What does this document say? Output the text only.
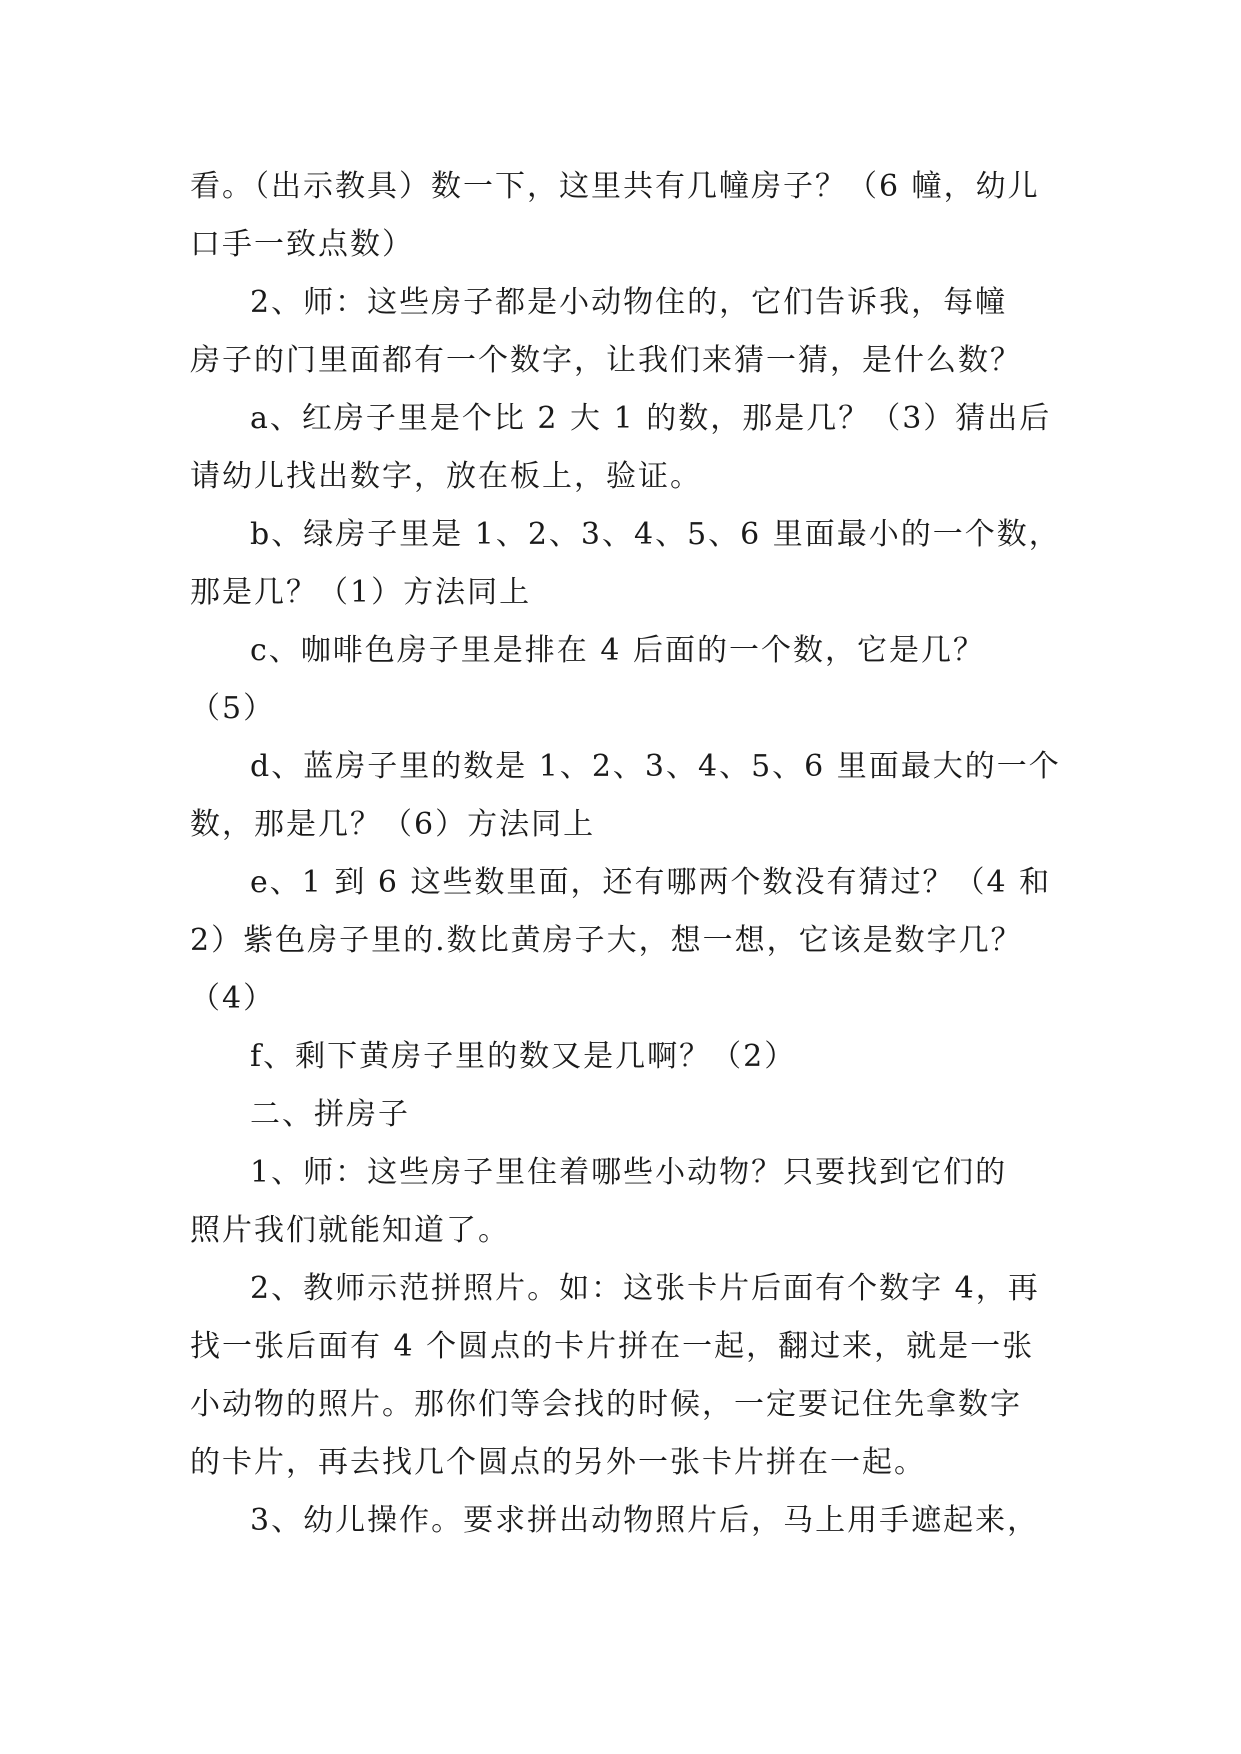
看。（出示教具）数一下，这里共有几幢房子？（6 幢，幼儿

口手一致点数）

2、师：这些房子都是小动物住的，它们告诉我，每幢

房子的门里面都有一个数字，让我们来猜一猜，是什么数？

a、红房子里是个比 2 大 1 的数，那是几？（3）猜出后

请幼儿找出数字，放在板上，验证。

b、绿房子里是 1、2、3、4、5、6 里面最小的一个数，

那是几？（1）方法同上

c、咖啡色房子里是排在 4 后面的一个数，它是几？

（5）

d、蓝房子里的数是 1、2、3、4、5、6 里面最大的一个

数，那是几？（6）方法同上

e、1 到 6 这些数里面，还有哪两个数没有猜过？（4 和

2）紫色房子里的.数比黄房子大，想一想，它该是数字几？

（4）

f、剩下黄房子里的数又是几啊？（2）

二、拼房子

1、师：这些房子里住着哪些小动物？只要找到它们的

照片我们就能知道了。

2、教师示范拼照片。如：这张卡片后面有个数字 4，再

找一张后面有 4 个圆点的卡片拼在一起，翻过来，就是一张

小动物的照片。那你们等会找的时候，一定要记住先拿数字

的卡片，再去找几个圆点的另外一张卡片拼在一起。

3、幼儿操作。要求拼出动物照片后，马上用手遮起来，
